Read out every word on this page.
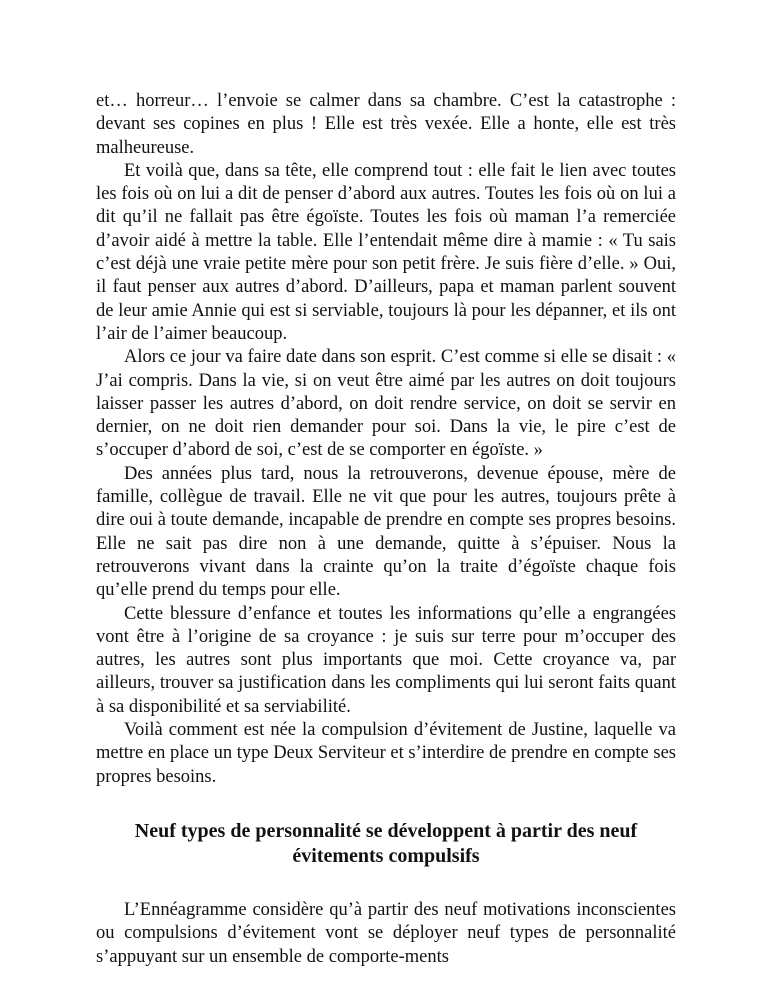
et… horreur… l’envoie se calmer dans sa chambre. C’est la catastrophe : devant ses copines en plus ! Elle est très vexée. Elle a honte, elle est très malheureuse.

Et voilà que, dans sa tête, elle comprend tout : elle fait le lien avec toutes les fois où on lui a dit de penser d’abord aux autres. Toutes les fois où on lui a dit qu’il ne fallait pas être égoïste. Toutes les fois où maman l’a remerciée d’avoir aidé à mettre la table. Elle l’entendait même dire à mamie : « Tu sais c’est déjà une vraie petite mère pour son petit frère. Je suis fière d’elle. » Oui, il faut penser aux autres d’abord. D’ailleurs, papa et maman parlent souvent de leur amie Annie qui est si serviable, toujours là pour les dépanner, et ils ont l’air de l’aimer beaucoup.

Alors ce jour va faire date dans son esprit. C’est comme si elle se disait : « J’ai compris. Dans la vie, si on veut être aimé par les autres on doit toujours laisser passer les autres d’abord, on doit rendre service, on doit se servir en dernier, on ne doit rien demander pour soi. Dans la vie, le pire c’est de s’occuper d’abord de soi, c’est de se comporter en égoïste. »

Des années plus tard, nous la retrouverons, devenue épouse, mère de famille, collègue de travail. Elle ne vit que pour les autres, toujours prête à dire oui à toute demande, incapable de prendre en compte ses propres besoins. Elle ne sait pas dire non à une demande, quitte à s’épuiser. Nous la retrouverons vivant dans la crainte qu’on la traite d’égoïste chaque fois qu’elle prend du temps pour elle.

Cette blessure d’enfance et toutes les informations qu’elle a engrangées vont être à l’origine de sa croyance : je suis sur terre pour m’occuper des autres, les autres sont plus importants que moi. Cette croyance va, par ailleurs, trouver sa justification dans les compliments qui lui seront faits quant à sa disponibilité et sa serviabilité.

Voilà comment est née la compulsion d’évitement de Justine, laquelle va mettre en place un type Deux Serviteur et s’interdire de prendre en compte ses propres besoins.

Neuf types de personnalité se développent à partir des neuf évitements compulsifs

L’Ennéagramme considère qu’à partir des neuf motivations inconscientes ou compulsions d’évitement vont se déployer neuf types de personnalité s’appuyant sur un ensemble de comporte-ments
